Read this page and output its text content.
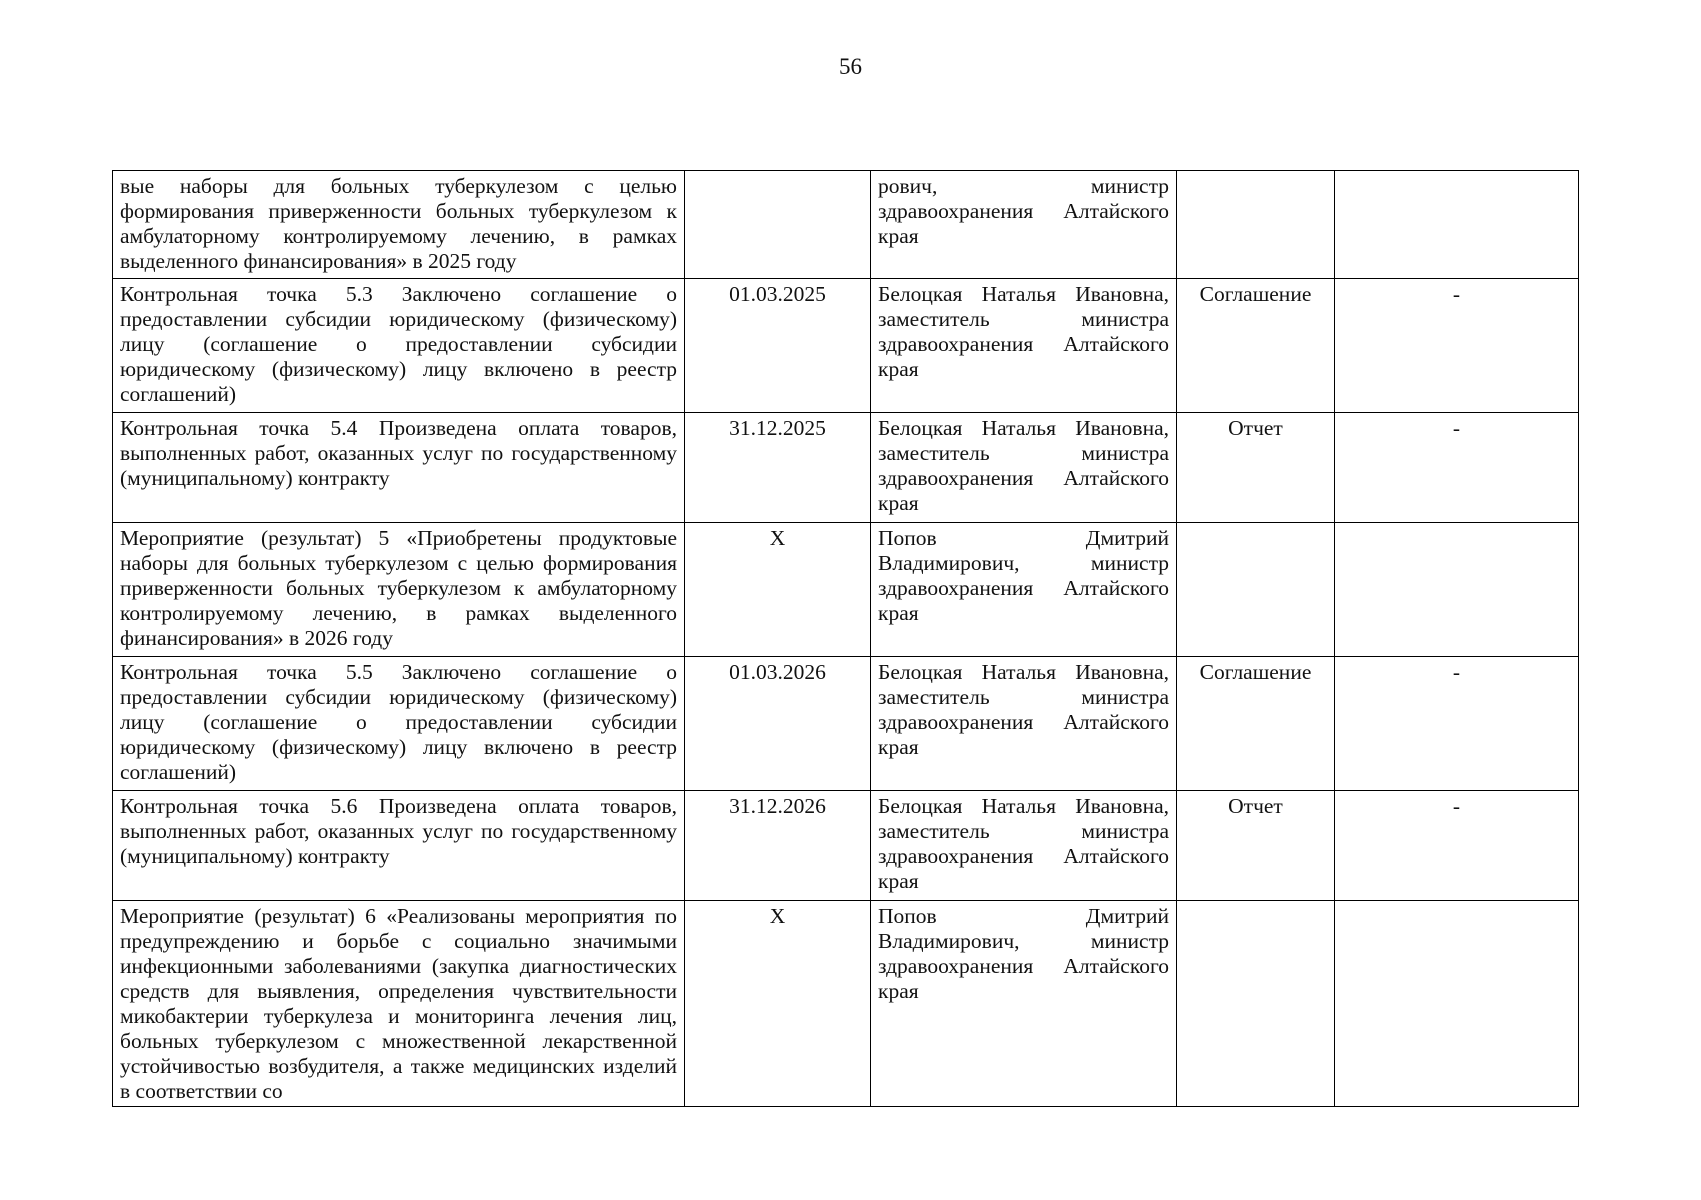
56
вые наборы для больных туберкулезом с целью формирования приверженности больных туберкулезом к амбулаторному контролируемому лечению, в рамках выделенного финансирования» в 2025 году		рович, министр здравоохранения Алтайского края		
Контрольная точка 5.3 Заключено соглашение о предоставлении субсидии юридическому (физическому) лицу (соглашение о предоставлении субсидии юридическому (физическому) лицу включено в реестр соглашений)	01.03.2025	Белоцкая Наталья Ивановна, заместитель министра здравоохранения Алтайского края	Соглашение	-
Контрольная точка 5.4 Произведена оплата товаров, выполненных работ, оказанных услуг по государственному (муниципальному) контракту	31.12.2025	Белоцкая Наталья Ивановна, заместитель министра здравоохранения Алтайского края	Отчет	-
Мероприятие (результат) 5 «Приобретены продуктовые наборы для больных туберкулезом с целью формирования приверженности больных туберкулезом к амбулаторному контролируемому лечению, в рамках выделенного финансирования» в 2026 году	X	Попов Дмитрий Владимирович, министр здравоохранения Алтайского края		
Контрольная точка 5.5 Заключено соглашение о предоставлении субсидии юридическому (физическому) лицу (соглашение о предоставлении субсидии юридическому (физическому) лицу включено в реестр соглашений)	01.03.2026	Белоцкая Наталья Ивановна, заместитель министра здравоохранения Алтайского края	Соглашение	-
Контрольная точка 5.6 Произведена оплата товаров, выполненных работ, оказанных услуг по государственному (муниципальному) контракту	31.12.2026	Белоцкая Наталья Ивановна, заместитель министра здравоохранения Алтайского края	Отчет	-
Мероприятие (результат) 6 «Реализованы мероприятия по предупреждению и борьбе с социально значимыми инфекционными заболеваниями (закупка диагностических средств для выявления, определения чувствительности микобактерии туберкулеза и мониторинга лечения лиц, больных туберкулезом с множественной лекарственной устойчивостью возбудителя, а также медицинских изделий в соответствии со	X	Попов Дмитрий Владимирович, министр здравоохранения Алтайского края		
